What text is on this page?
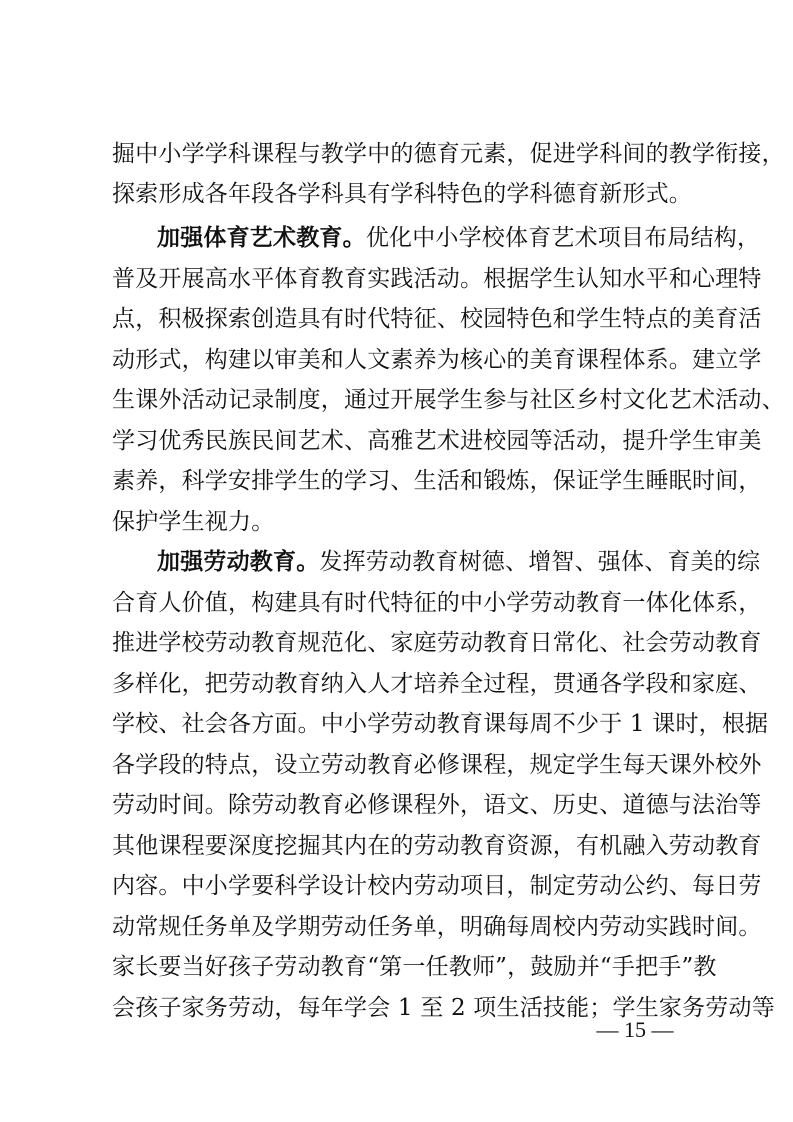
掘中小学学科课程与教学中的德育元素，促进学科间的教学衔接，
探索形成各年段各学科具有学科特色的学科德育新形式。
加强体育艺术教育。优化中小学校体育艺术项目布局结构，
普及开展高水平体育教育实践活动。根据学生认知水平和心理特
点，积极探索创造具有时代特征、校园特色和学生特点的美育活
动形式，构建以审美和人文素养为核心的美育课程体系。建立学
生课外活动记录制度，通过开展学生参与社区乡村文化艺术活动、
学习优秀民族民间艺术、高雅艺术进校园等活动，提升学生审美
素养，科学安排学生的学习、生活和锻炼，保证学生睡眠时间，
保护学生视力。
加强劳动教育。发挥劳动教育树德、增智、强体、育美的综
合育人价值，构建具有时代特征的中小学劳动教育一体化体系，
推进学校劳动教育规范化、家庭劳动教育日常化、社会劳动教育
多样化，把劳动教育纳入人才培养全过程，贯通各学段和家庭、
学校、社会各方面。中小学劳动教育课每周不少于 1 课时，根据
各学段的特点，设立劳动教育必修课程，规定学生每天课外校外
劳动时间。除劳动教育必修课程外，语文、历史、道德与法治等
其他课程要深度挖掘其内在的劳动教育资源，有机融入劳动教育
内容。中小学要科学设计校内劳动项目，制定劳动公约、每日劳
动常规任务单及学期劳动任务单，明确每周校内劳动实践时间。
家长要当好孩子劳动教育“第一任教师”，鼓励并“手把手”教
会孩子家务劳动，每年学会 1 至 2 项生活技能；学生家务劳动等
— 15 —
